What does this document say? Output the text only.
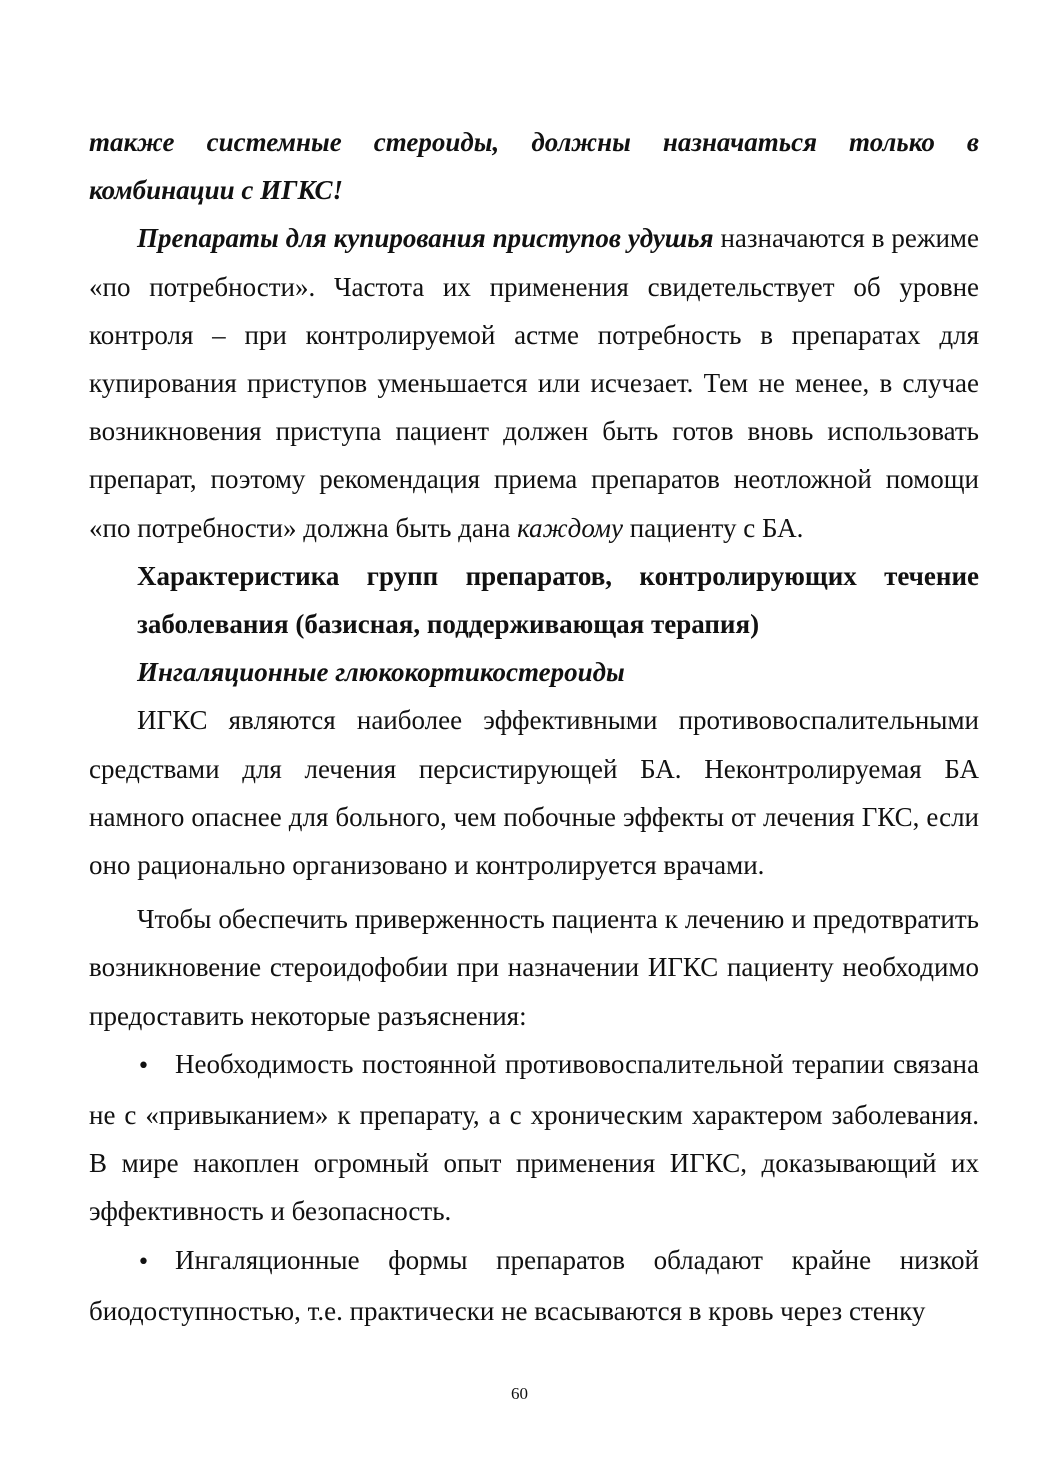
также системные стероиды, должны назначаться только в комбинации с ИГКС!

Препараты для купирования приступов удушья назначаются в режиме «по потребности». Частота их применения свидетельствует об уровне контроля – при контролируемой астме потребность в препаратах для купирования приступов уменьшается или исчезает. Тем не менее, в случае возникновения приступа пациент должен быть готов вновь использовать препарат, поэтому рекомендация приема препаратов неотложной помощи «по потребности» должна быть дана каждому пациенту с БА.

Характеристика групп препаратов, контролирующих течение заболевания (базисная, поддерживающая терапия)

Ингаляционные глюкокортикостероиды

ИГКС являются наиболее эффективными противовоспалительными средствами для лечения персистирующей БА. Неконтролируемая БА намного опаснее для больного, чем побочные эффекты от лечения ГКС, если оно рационально организовано и контролируется врачами.

Чтобы обеспечить приверженность пациента к лечению и предотвратить возникновение стероидофобии при назначении ИГКС пациенту необходимо предоставить некоторые разъяснения:

• Необходимость постоянной противовоспалительной терапии связана не с «привыканием» к препарату, а с хроническим характером заболевания. В мире накоплен огромный опыт применения ИГКС, доказывающий их эффективность и безопасность.

• Ингаляционные формы препаратов обладают крайне низкой биодоступностью, т.е. практически не всасываются в кровь через стенку

60
